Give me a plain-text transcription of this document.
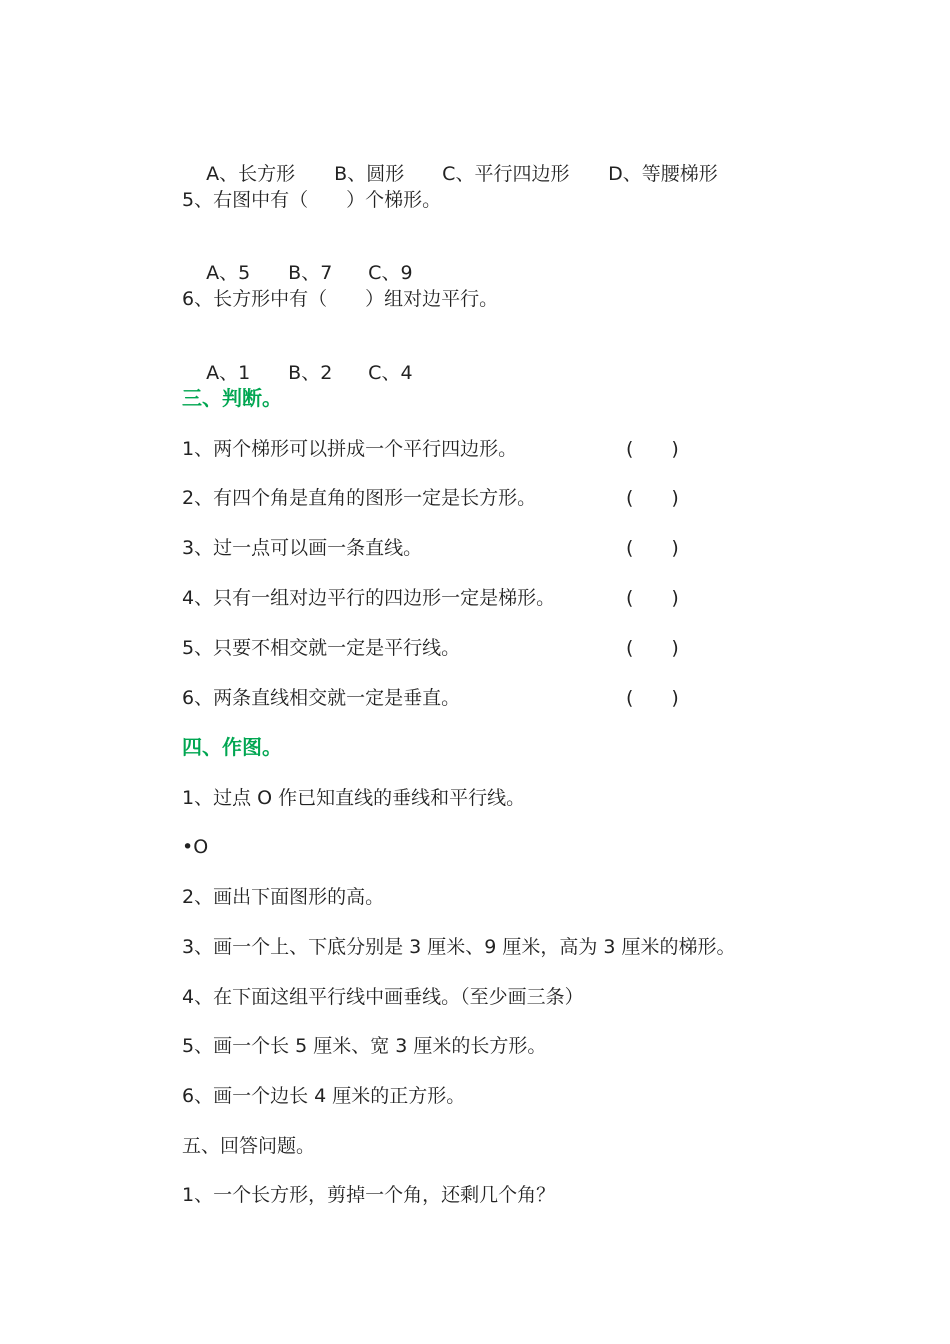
A、长方形 B、圆形 C、平行四边形 D、等腰梯形

5、右图中有（　　）个梯形。

A、5 B、7 C、9

6、长方形中有（　　）组对边平行。

A、1 B、2 C、4

三、判断。
1、两个梯形可以拼成一个平行四边形。	(　　)
2、有四个角是直角的图形一定是长方形。	(　　)
3、过一点可以画一条直线。	(　　)
4、只有一组对边平行的四边形一定是梯形。	(　　)
5、只要不相交就一定是平行线。	(　　)
6、两条直线相交就一定是垂直。	(　　)
四、作图。
1、过点 O 作已知直线的垂线和平行线。
•O
2、画出下面图形的高。
3、画一个上、下底分别是 3 厘米、9 厘米，高为 3 厘米的梯形。
4、在下面这组平行线中画垂线。（至少画三条）
5、画一个长 5 厘米、宽 3 厘米的长方形。
6、画一个边长 4 厘米的正方形。
五、回答问题。
1、一个长方形，剪掉一个角，还剩几个角？
